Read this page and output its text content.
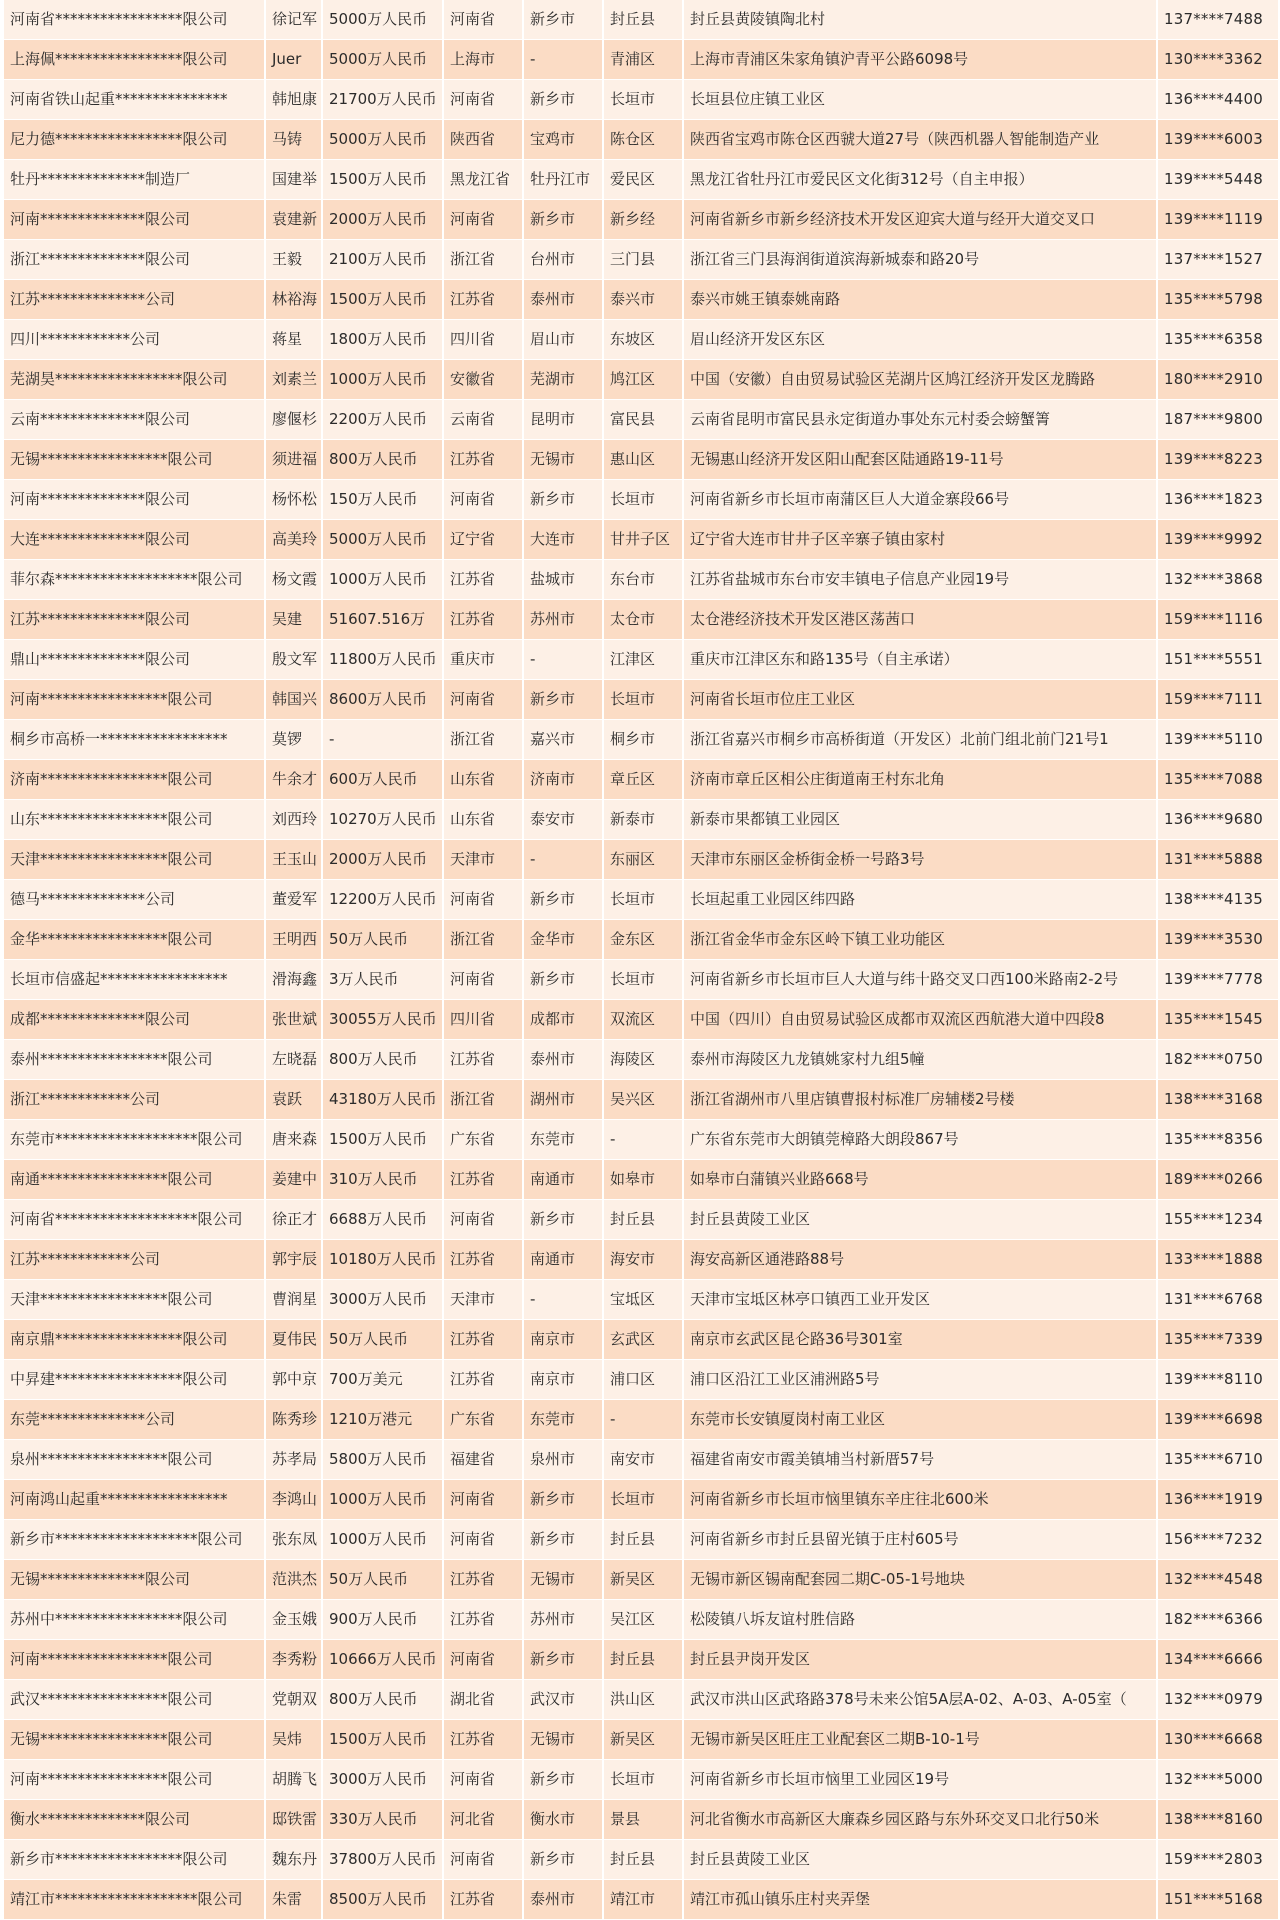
河南省*****************限公司	徐记军	5000万人民币	河南省	新乡市	封丘县	封丘县黄陵镇陶北村	137****7488
上海佩*****************限公司	Juer	5000万人民币	上海市	-	青浦区	上海市青浦区朱家角镇沪青平公路6098号	130****3362
河南省铁山起重***************	韩旭康	21700万人民币	河南省	新乡市	长垣市	长垣县位庄镇工业区	136****4400
尼力德*****************限公司	马铸	5000万人民币	陕西省	宝鸡市	陈仓区	陕西省宝鸡市陈仓区西虢大道27号（陕西机器人智能制造产业	139****6003
牡丹**************制造厂	国建举	1500万人民币	黑龙江省	牡丹江市	爱民区	黑龙江省牡丹江市爱民区文化街312号（自主申报）	139****5448
河南**************限公司	袁建新	2000万人民币	河南省	新乡市	新乡经	河南省新乡市新乡经济技术开发区迎宾大道与经开大道交叉口	139****1119
浙江**************限公司	王毅	2100万人民币	浙江省	台州市	三门县	浙江省三门县海润街道滨海新城泰和路20号	137****1527
江苏**************公司	林裕海	1500万人民币	江苏省	泰州市	泰兴市	泰兴市姚王镇泰姚南路	135****5798
四川************公司	蒋星	1800万人民币	四川省	眉山市	东坡区	眉山经济开发区东区	135****6358
芜湖昊*****************限公司	刘素兰	1000万人民币	安徽省	芜湖市	鸠江区	中国（安徽）自由贸易试验区芜湖片区鸠江经济开发区龙腾路	180****2910
云南**************限公司	廖偃杉	2200万人民币	云南省	昆明市	富民县	云南省昆明市富民县永定街道办事处东元村委会螃蟹箐	187****9800
无锡*****************限公司	须进福	800万人民币	江苏省	无锡市	惠山区	无锡惠山经济开发区阳山配套区陆通路19-11号	139****8223
河南**************限公司	杨怀松	150万人民币	河南省	新乡市	长垣市	河南省新乡市长垣市南蒲区巨人大道金寨段66号	136****1823
大连**************限公司	高美玲	5000万人民币	辽宁省	大连市	甘井子区	辽宁省大连市甘井子区辛寨子镇由家村	139****9992
菲尔森*******************限公司	杨文霞	1000万人民币	江苏省	盐城市	东台市	江苏省盐城市东台市安丰镇电子信息产业园19号	132****3868
江苏**************限公司	吴建	51607.516万	江苏省	苏州市	太仓市	太仓港经济技术开发区港区荡茜口	159****1116
鼎山**************限公司	殷文军	11800万人民币	重庆市	-	江津区	重庆市江津区东和路135号（自主承诺）	151****5551
河南*****************限公司	韩国兴	8600万人民币	河南省	新乡市	长垣市	河南省长垣市位庄工业区	159****7111
桐乡市高桥一*****************	莫锣	-	浙江省	嘉兴市	桐乡市	浙江省嘉兴市桐乡市高桥街道（开发区）北前门组北前门21号1	139****5110
济南*****************限公司	牛余才	600万人民币	山东省	济南市	章丘区	济南市章丘区相公庄街道南王村东北角	135****7088
山东*****************限公司	刘西玲	10270万人民币	山东省	泰安市	新泰市	新泰市果都镇工业园区	136****9680
天津*****************限公司	王玉山	2000万人民币	天津市	-	东丽区	天津市东丽区金桥街金桥一号路3号	131****5888
德马**************公司	董爱军	12200万人民币	河南省	新乡市	长垣市	长垣起重工业园区纬四路	138****4135
金华*****************限公司	王明西	50万人民币	浙江省	金华市	金东区	浙江省金华市金东区岭下镇工业功能区	139****3530
长垣市信盛起*****************	滑海鑫	3万人民币	河南省	新乡市	长垣市	河南省新乡市长垣市巨人大道与纬十路交叉口西100米路南2-2号	139****7778
成都**************限公司	张世斌	30055万人民币	四川省	成都市	双流区	中国（四川）自由贸易试验区成都市双流区西航港大道中四段8	135****1545
泰州*****************限公司	左晓磊	800万人民币	江苏省	泰州市	海陵区	泰州市海陵区九龙镇姚家村九组5幢	182****0750
浙江************公司	袁跃	43180万人民币	浙江省	湖州市	吴兴区	浙江省湖州市八里店镇曹报村标准厂房辅楼2号楼	138****3168
东莞市*******************限公司	唐来森	1500万人民币	广东省	东莞市	-	广东省东莞市大朗镇莞樟路大朗段867号	135****8356
南通*****************限公司	姜建中	310万人民币	江苏省	南通市	如皋市	如皋市白蒲镇兴业路668号	189****0266
河南省*******************限公司	徐正才	6688万人民币	河南省	新乡市	封丘县	封丘县黄陵工业区	155****1234
江苏************公司	郭宇辰	10180万人民币	江苏省	南通市	海安市	海安高新区通港路88号	133****1888
天津*****************限公司	曹润星	3000万人民币	天津市	-	宝坻区	天津市宝坻区林亭口镇西工业开发区	131****6768
南京鼎*****************限公司	夏伟民	50万人民币	江苏省	南京市	玄武区	南京市玄武区昆仑路36号301室	135****7339
中昇建*****************限公司	郭中京	700万美元	江苏省	南京市	浦口区	浦口区沿江工业区浦洲路5号	139****8110
东莞**************公司	陈秀珍	1210万港元	广东省	东莞市	-	东莞市长安镇厦岗村南工业区	139****6698
泉州*****************限公司	苏孝局	5800万人民币	福建省	泉州市	南安市	福建省南安市霞美镇埔当村新厝57号	135****6710
河南鸿山起重*****************	李鸿山	1000万人民币	河南省	新乡市	长垣市	河南省新乡市长垣市恼里镇东辛庄往北600米	136****1919
新乡市*******************限公司	张东凤	1000万人民币	河南省	新乡市	封丘县	河南省新乡市封丘县留光镇于庄村605号	156****7232
无锡**************限公司	范洪杰	50万人民币	江苏省	无锡市	新吴区	无锡市新区锡南配套园二期C-05-1号地块	132****4548
苏州中*****************限公司	金玉娥	900万人民币	江苏省	苏州市	吴江区	松陵镇八坼友谊村胜信路	182****6366
河南*****************限公司	李秀粉	10666万人民币	河南省	新乡市	封丘县	封丘县尹岗开发区	134****6666
武汉*****************限公司	党朝双	800万人民币	湖北省	武汉市	洪山区	武汉市洪山区武珞路378号未来公馆5A层A-02、A-03、A-05室（	132****0979
无锡*****************限公司	吴炜	1500万人民币	江苏省	无锡市	新吴区	无锡市新吴区旺庄工业配套区二期B-10-1号	130****6668
河南*****************限公司	胡腾飞	3000万人民币	河南省	新乡市	长垣市	河南省新乡市长垣市恼里工业园区19号	132****5000
衡水**************限公司	邸铁雷	330万人民币	河北省	衡水市	景县	河北省衡水市高新区大廉森乡园区路与东外环交叉口北行50米	138****8160
新乡市*****************限公司	魏东丹	37800万人民币	河南省	新乡市	封丘县	封丘县黄陵工业区	159****2803
靖江市*******************限公司	朱雷	8500万人民币	江苏省	泰州市	靖江市	靖江市孤山镇乐庄村夹弄堡	151****5168
